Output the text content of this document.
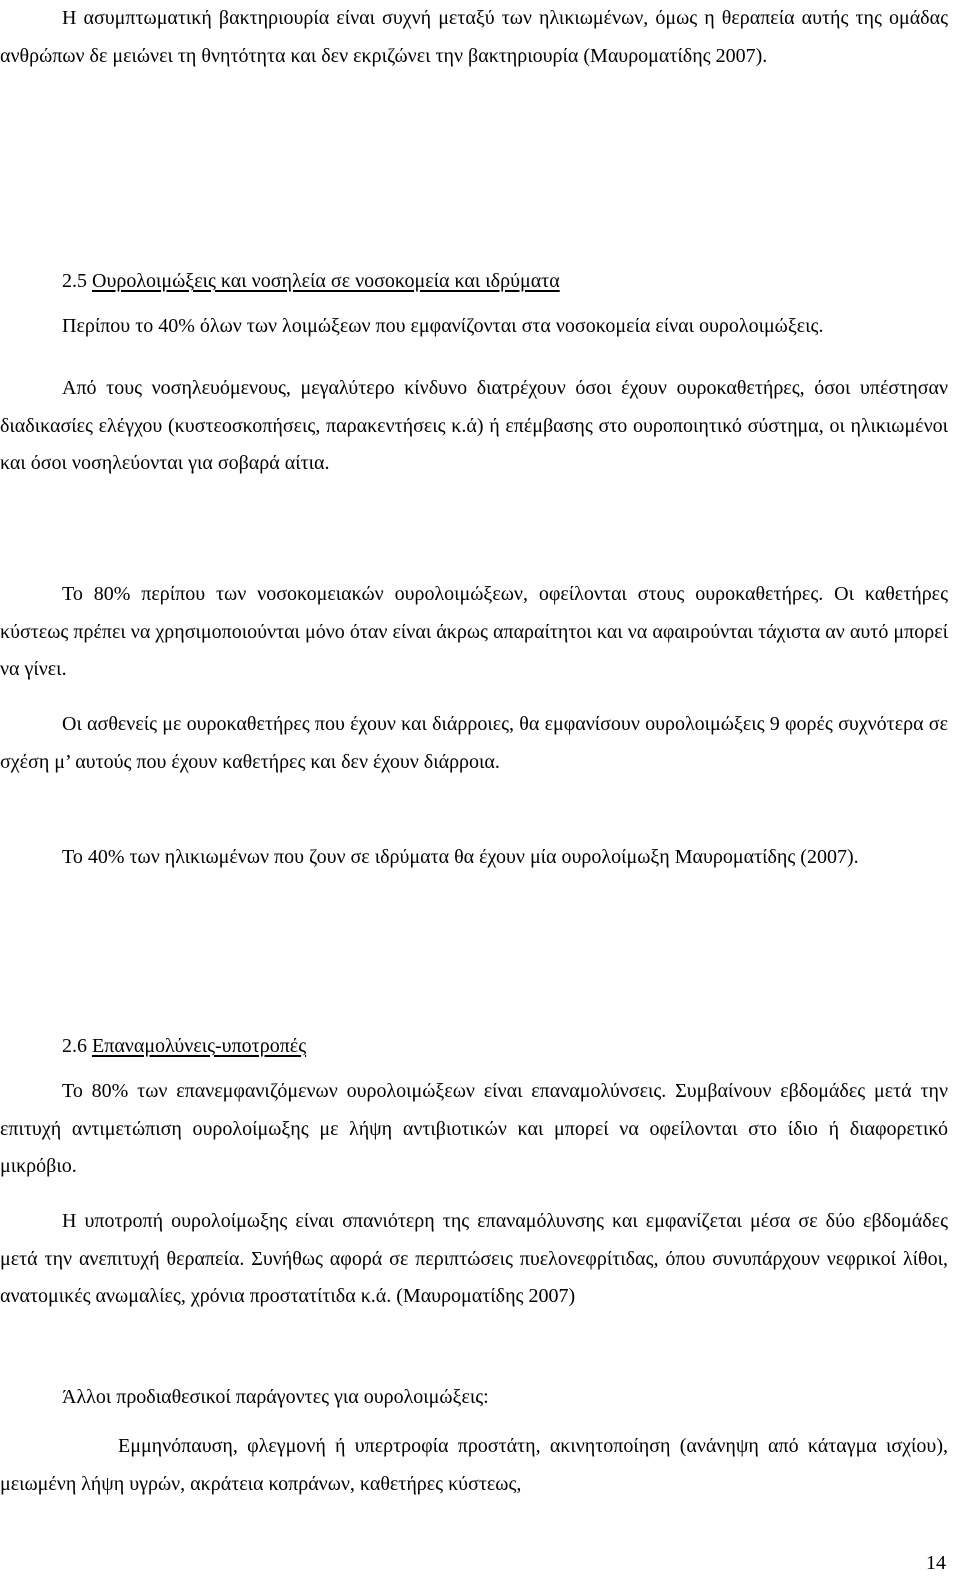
Η ασυμπτωματική βακτηριουρία είναι συχνή μεταξύ των ηλικιωμένων, όμως η θεραπεία αυτής της ομάδας ανθρώπων δε μειώνει τη θνητότητα και δεν εκριζώνει την βακτηριουρία (Μαυροματίδης 2007).

2.5 Ουρολοιμώξεις και νοσηλεία σε νοσοκομεία και ιδρύματα

Περίπου το 40% όλων των λοιμώξεων που εμφανίζονται στα νοσοκομεία είναι ουρολοιμώξεις.

Από τους νοσηλευόμενους, μεγαλύτερο κίνδυνο διατρέχουν όσοι έχουν ουροκαθετήρες, όσοι υπέστησαν διαδικασίες ελέγχου (κυστεοσκοπήσεις, παρακεντήσεις κ.ά) ή επέμβασης στο ουροποιητικό σύστημα, οι ηλικιωμένοι και όσοι νοσηλεύονται για σοβαρά αίτια.

Το 80% περίπου των νοσοκομειακών ουρολοιμώξεων, οφείλονται στους ουροκαθετήρες. Οι καθετήρες κύστεως πρέπει να χρησιμοποιούνται μόνο όταν είναι άκρως απαραίτητοι και να αφαιρούνται τάχιστα αν αυτό μπορεί να γίνει.

Οι ασθενείς με ουροκαθετήρες που έχουν και διάρροιες, θα εμφανίσουν ουρολοιμώξεις 9 φορές συχνότερα σε σχέση μ’ αυτούς που έχουν καθετήρες και δεν έχουν διάρροια.

Το 40% των ηλικιωμένων που ζουν σε ιδρύματα θα έχουν μία ουρολοίμωξη Μαυροματίδης (2007).

2.6 Επαναμολύνεις-υποτροπές

Το 80% των επανεμφανιζόμενων ουρολοιμώξεων είναι επαναμολύνσεις. Συμβαίνουν εβδομάδες μετά την επιτυχή αντιμετώπιση ουρολοίμωξης με λήψη αντιβιοτικών και μπορεί να οφείλονται στο ίδιο ή διαφορετικό μικρόβιο.

Η υποτροπή ουρολοίμωξης είναι σπανιότερη της επαναμόλυνσης και εμφανίζεται μέσα σε δύο εβδομάδες μετά την ανεπιτυχή θεραπεία. Συνήθως αφορά σε περιπτώσεις πυελονεφρίτιδας, όπου συνυπάρχουν νεφρικοί λίθοι, ανατομικές ανωμαλίες, χρόνια προστατίτιδα κ.ά. (Μαυροματίδης 2007)

Άλλοι προδιαθεσικοί παράγοντες για ουρολοιμώξεις:

Εμμηνόπαυση, φλεγμονή ή υπερτροφία προστάτη, ακινητοποίηση (ανάνηψη από κάταγμα ισχίου), μειωμένη λήψη υγρών, ακράτεια κοπράνων, καθετήρες κύστεως,

14
